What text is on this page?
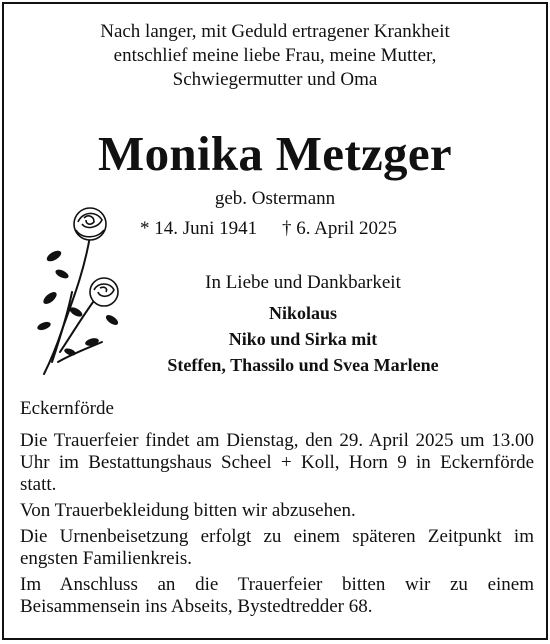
Nach langer, mit Geduld ertragener Krankheit
entschlief meine liebe Frau, meine Mutter,
Schwiegermutter und Oma
Monika Metzger
geb. Ostermann
* 14. Juni 1941 † 6. April 2025
In Liebe und Dankbarkeit
Nikolaus
Niko und Sirka mit
Steffen, Thassilo und Svea Marlene
Eckernförde

Die Trauerfeier findet am Dienstag, den 29. April 2025 um 13.00 Uhr im Bestattungshaus Scheel + Koll, Horn 9 in Eckernförde statt.

Von Trauerbekleidung bitten wir abzusehen.

Die Urnenbeisetzung erfolgt zu einem späteren Zeitpunkt im engsten Familienkreis.

Im Anschluss an die Trauerfeier bitten wir zu einem Beisammensein ins Abseits, Bystedtredder 68.
